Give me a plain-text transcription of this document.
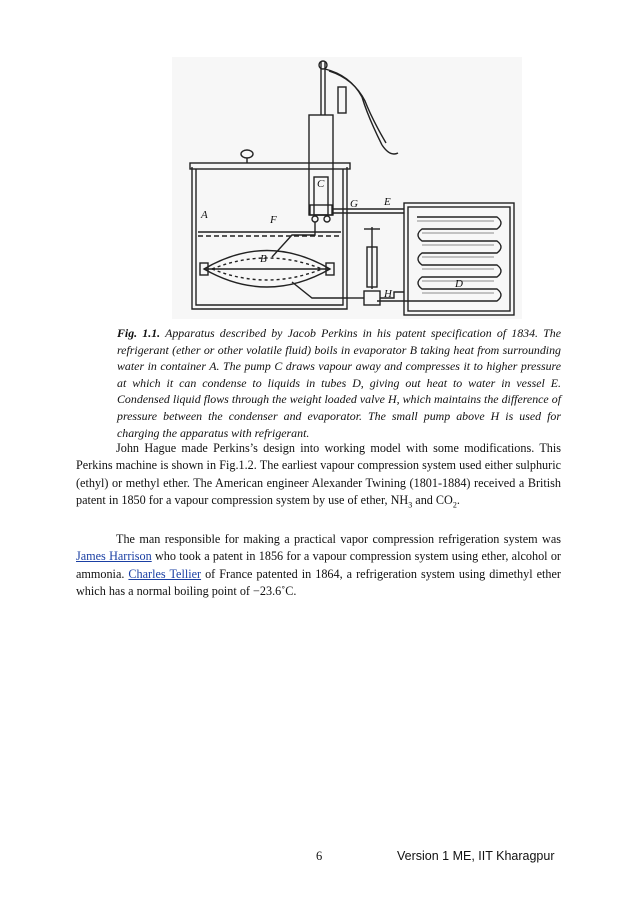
A
B
C
D
E
F
G
H
Fig. 1.1. Apparatus described by Jacob Perkins in his patent specification of 1834. The refrigerant (ether or other volatile fluid) boils in evaporator B taking heat from surrounding water in container A. The pump C draws vapour away and compresses it to higher pressure at which it can condense to liquids in tubes D, giving out heat to water in vessel E. Condensed liquid flows through the weight loaded valve H, which maintains the difference of pressure between the condenser and evaporator. The small pump above H is used for charging the apparatus with refrigerant.
John Hague made Perkins’s design into working model with some modifications. This Perkins machine is shown in Fig.1.2. The earliest vapour compression system used either sulphuric (ethyl) or methyl ether. The American engineer Alexander Twining (1801-1884) received a British patent in 1850 for a vapour compression system by use of ether, $NH_3$ and $CO_2$.
The man responsible for making a practical vapor compression refrigeration system was James Harrison who took a patent in 1856 for a vapour compression system using ether, alcohol or ammonia. Charles Tellier of France patented in 1864, a refrigeration system using dimethyl ether which has a normal boiling point of −23.6˚C.
6	Version 1 ME, IIT Kharagpur
